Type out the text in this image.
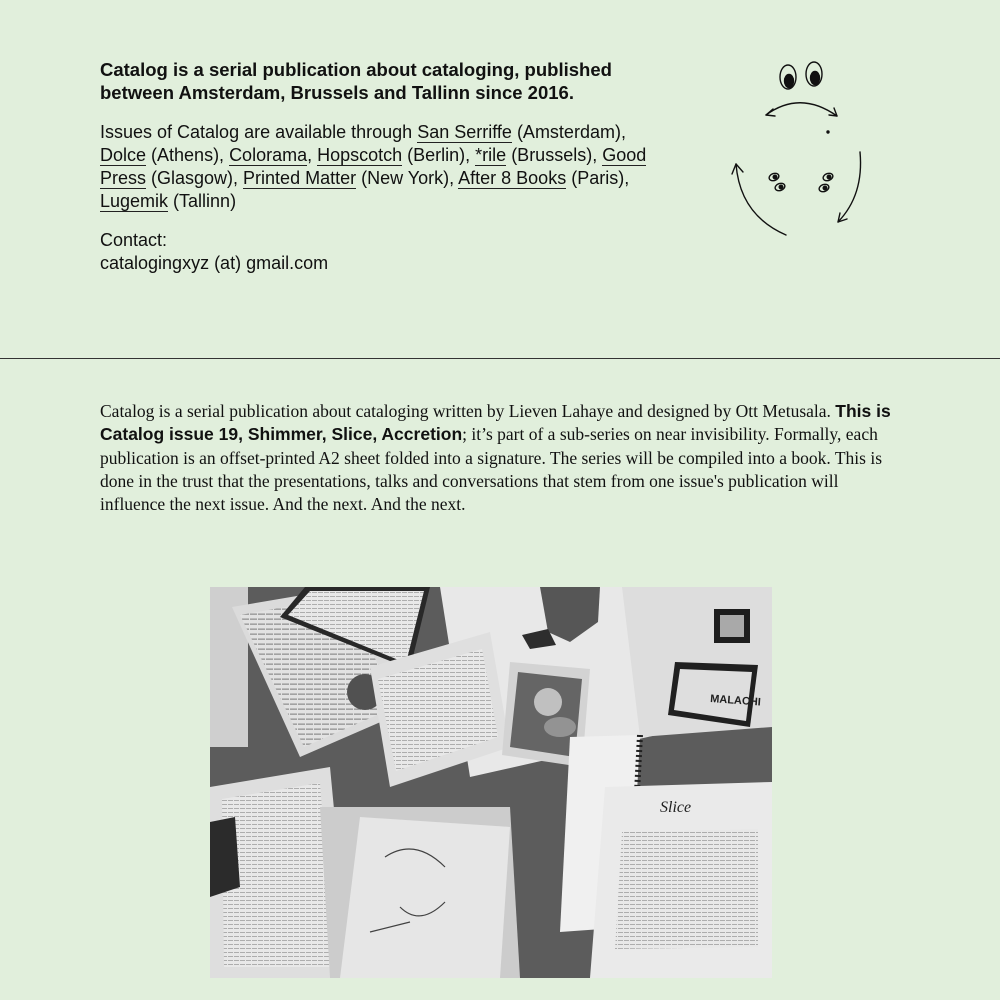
Catalog is a serial publication about cataloging, published between Amsterdam, Brussels and Tallinn since 2016.

Issues of Catalog are available through San Serriffe (Amsterdam), Dolce (Athens), Colorama, Hopscotch (Berlin), *rile (Brussels), Good Press (Glasgow), Printed Matter (New York), After 8 Books (Paris), Lugemik (Tallinn)

Contact:
catalogingxyz (at) gmail.com

Catalog is a serial publication about cataloging written by Lieven Lahaye and designed by Ott Metusala. This is Catalog issue 19, Shimmer, Slice, Accretion; it’s part of a sub-series on near invisibility. Formally, each publication is an offset-printed A2 sheet folded into a signature. The series will be compiled into a book. This is done in the trust that the presentations, talks and conversations that stem from one issue's publication will influence the next issue. And the next. And the next.

MALACHI
Slice
